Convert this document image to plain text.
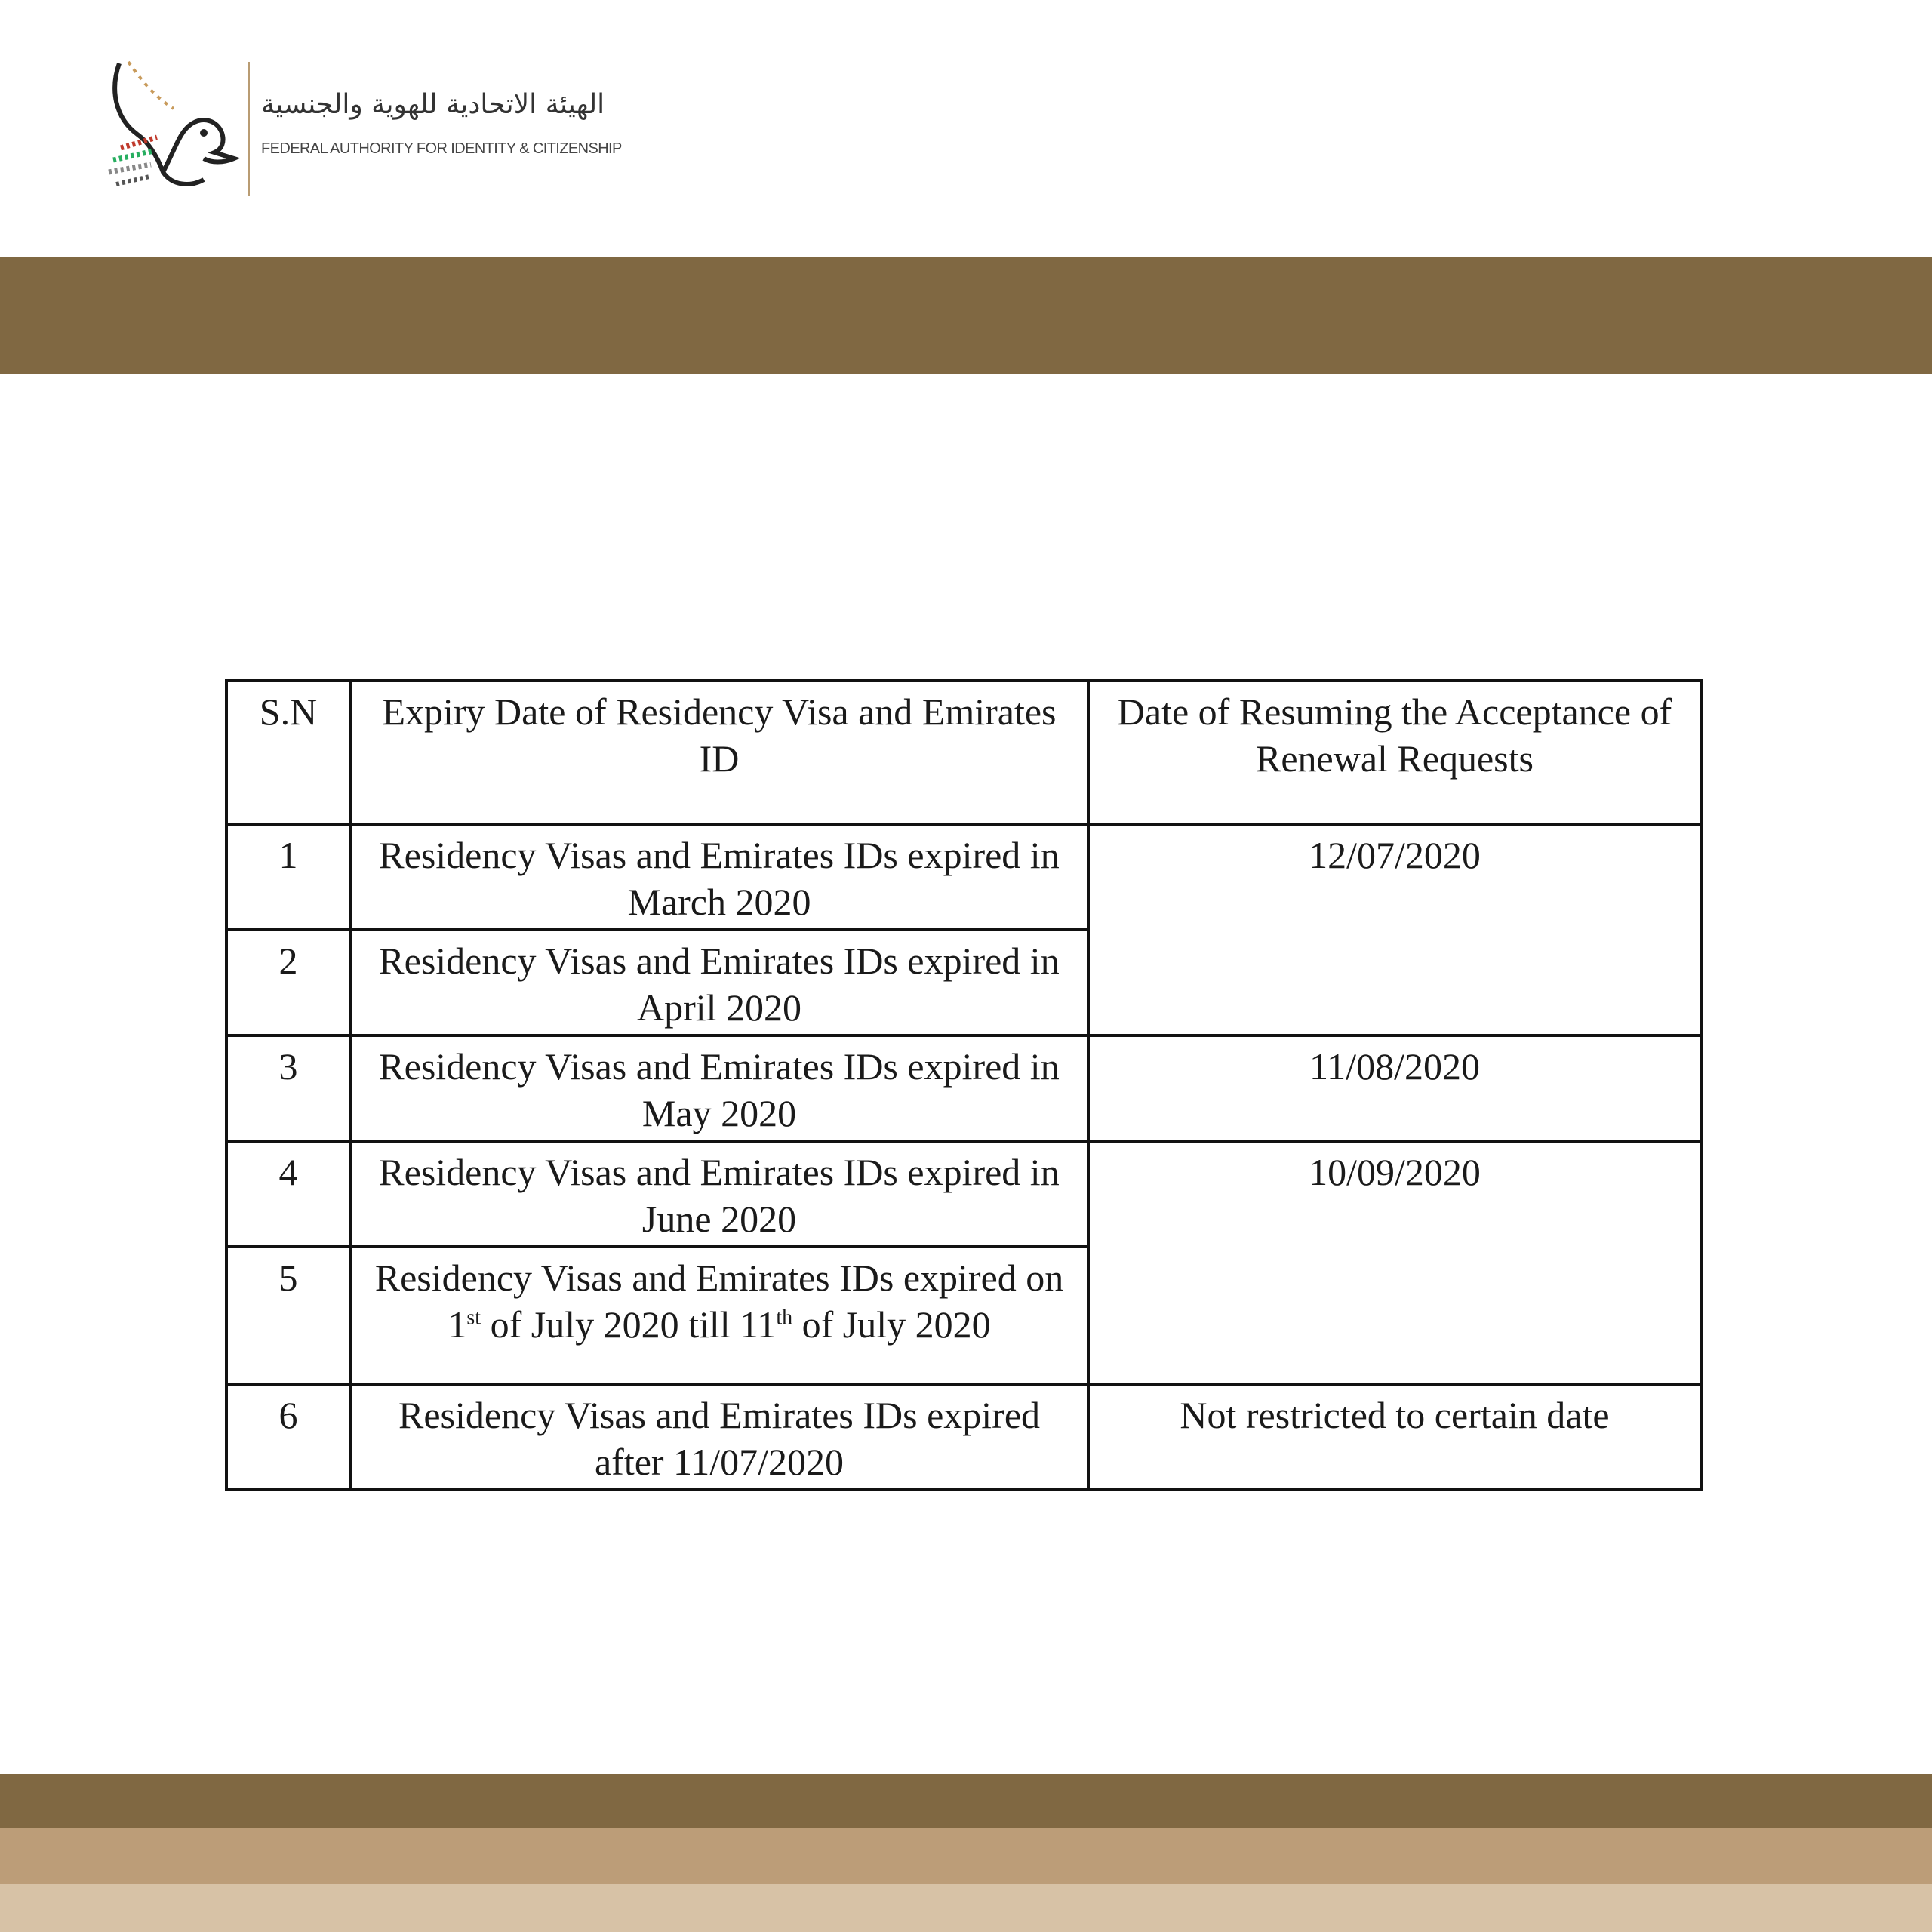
الهيئة الاتحادية للهوية والجنسية
FEDERAL AUTHORITY FOR IDENTITY & CITIZENSHIP
S.N	Expiry Date of Residency Visa and Emirates ID	Date of Resuming the Acceptance of Renewal Requests
1	Residency Visas and Emirates IDs expired in March 2020	12/07/2020
2	Residency Visas and Emirates IDs expired in April 2020	
3	Residency Visas and Emirates IDs expired in May 2020	11/08/2020
4	Residency Visas and Emirates IDs expired in June 2020	10/09/2020
5	Residency Visas and Emirates IDs expired on 1st of July 2020 till 11th of July 2020	
6	Residency Visas and Emirates IDs expired after 11/07/2020	Not restricted to certain date
